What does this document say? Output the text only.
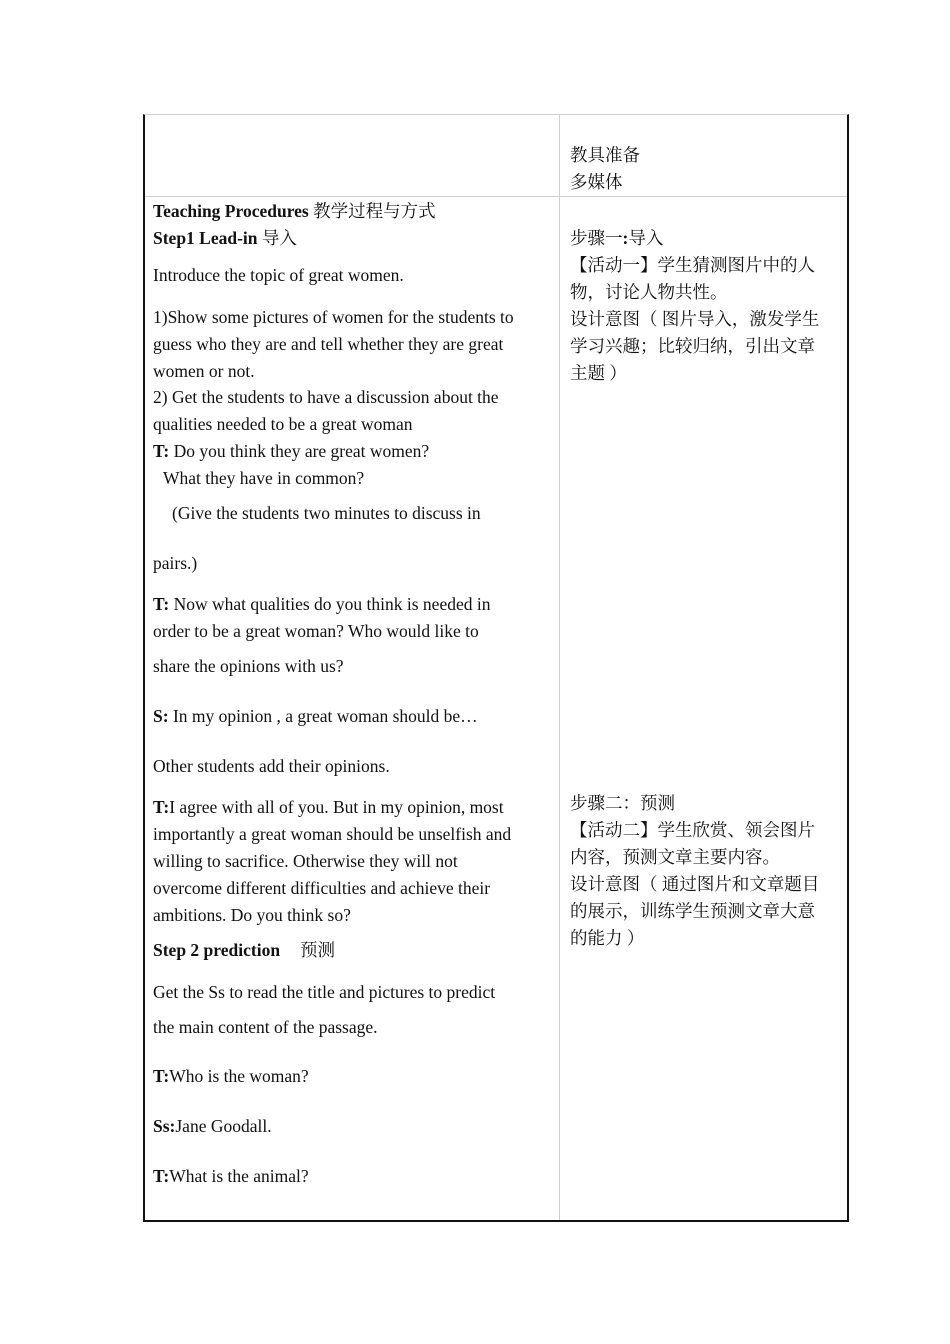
教具准备
多媒体
Teaching Procedures 教学过程与方式
Step1 Lead-in 导入
Introduce the topic of great women.
1)Show some pictures of women for the students to
guess who they are and tell whether they are great
women or not.
2) Get the students to have a discussion about the
qualities needed to be a great woman
T: Do you think they are great women?
What they have in common?
(Give the students two minutes to discuss in
pairs.)
T: Now what qualities do you think is needed in
order to be a great woman? Who would like to
share the opinions with us?
S: In my opinion , a great woman should be…
Other students add their opinions.
T:I agree with all of you. But in my opinion, most
importantly a great woman should be unselfish and
willing to sacrifice. Otherwise they will not
overcome different difficulties and achieve their
ambitions. Do you think so?
Step 2 prediction 预测
Get the Ss to read the title and pictures to predict
the main content of the passage.
T:Who is the woman?
Ss:Jane Goodall.
T:What is the animal?
步骤一:导入
【活动一】学生猜测图片中的人
物，讨论人物共性。
设计意图（ 图片导入，激发学生
学习兴趣；比较归纳，引出文章
主题 ）
步骤二：预测
【活动二】学生欣赏、领会图片
内容，预测文章主要内容。
设计意图（ 通过图片和文章题目
的展示，训练学生预测文章大意
的能力 ）
